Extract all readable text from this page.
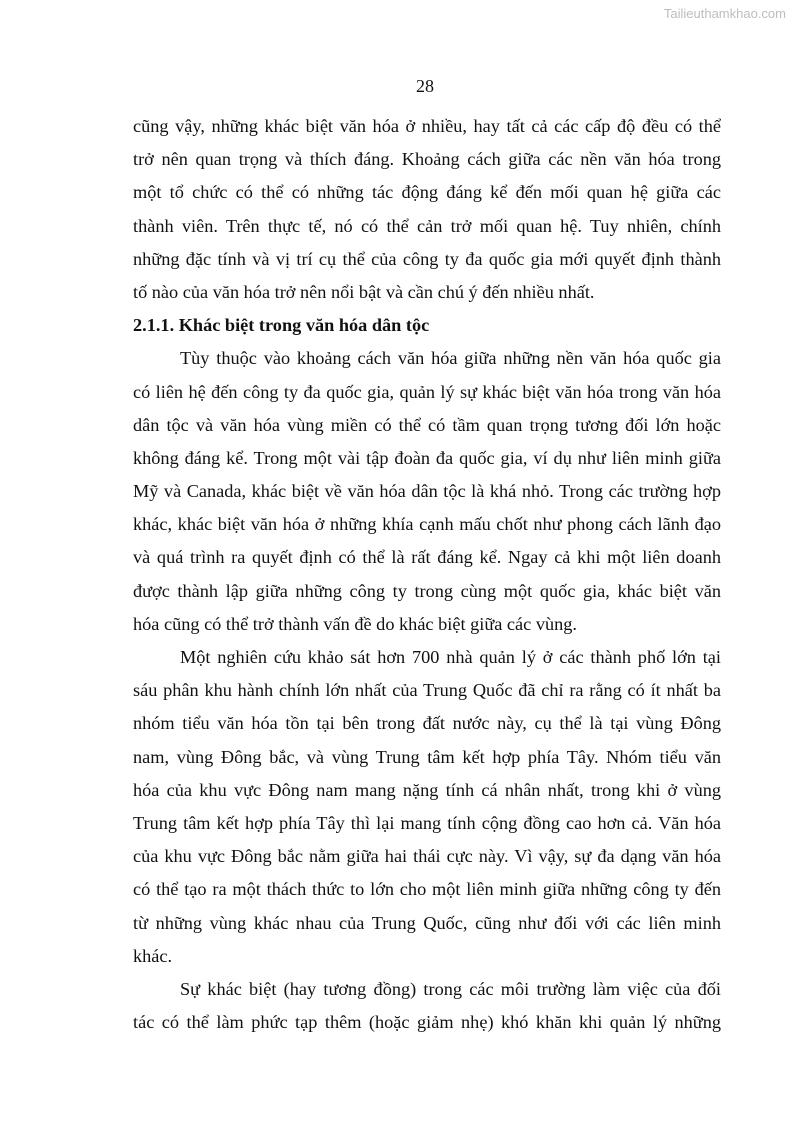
Tailieuthamkhao.com
28
cũng vậy, những khác biệt văn hóa ở nhiều, hay tất cả các cấp độ đều có thể
trở nên quan trọng và thích đáng. Khoảng cách giữa các nền văn hóa trong
một tổ chức có thể có những tác động đáng kể đến mối quan hệ giữa các
thành viên. Trên thực tế, nó có thể cản trở mối quan hệ. Tuy nhiên, chính
những đặc tính và vị trí cụ thể của công ty đa quốc gia mới quyết định thành
tố nào của văn hóa trở nên nổi bật và cần chú ý đến nhiều nhất.
2.1.1. Khác biệt trong văn hóa dân tộc
Tùy thuộc vào khoảng cách văn hóa giữa những nền văn hóa quốc gia
có liên hệ đến công ty đa quốc gia, quản lý sự khác biệt văn hóa trong văn hóa
dân tộc và văn hóa vùng miền có thể có tầm quan trọng tương đối lớn hoặc
không đáng kể. Trong một vài tập đoàn đa quốc gia, ví dụ như liên minh giữa
Mỹ và Canada, khác biệt về văn hóa dân tộc là khá nhỏ. Trong các trường hợp
khác, khác biệt văn hóa ở những khía cạnh mấu chốt như phong cách lãnh đạo
và quá trình ra quyết định có thể là rất đáng kể. Ngay cả khi một liên doanh
được thành lập giữa những công ty trong cùng một quốc gia, khác biệt văn
hóa cũng có thể trở thành vấn đề do khác biệt giữa các vùng.
Một nghiên cứu khảo sát hơn 700 nhà quản lý ở các thành phố lớn tại
sáu phân khu hành chính lớn nhất của Trung Quốc đã chỉ ra rằng có ít nhất ba
nhóm tiểu văn hóa tồn tại bên trong đất nước này, cụ thể là tại vùng Đông
nam, vùng Đông bắc, và vùng Trung tâm kết hợp phía Tây. Nhóm tiểu văn
hóa của khu vực Đông nam mang nặng tính cá nhân nhất, trong khi ở vùng
Trung tâm kết hợp phía Tây thì lại mang tính cộng đồng cao hơn cả. Văn hóa
của khu vực Đông bắc nằm giữa hai thái cực này. Vì vậy, sự đa dạng văn hóa
có thể tạo ra một thách thức to lớn cho một liên minh giữa những công ty đến
từ những vùng khác nhau của Trung Quốc, cũng như đối với các liên minh
khác.
Sự khác biệt (hay tương đồng) trong các môi trường làm việc của đối
tác có thể làm phức tạp thêm (hoặc giảm nhẹ) khó khăn khi quản lý những
